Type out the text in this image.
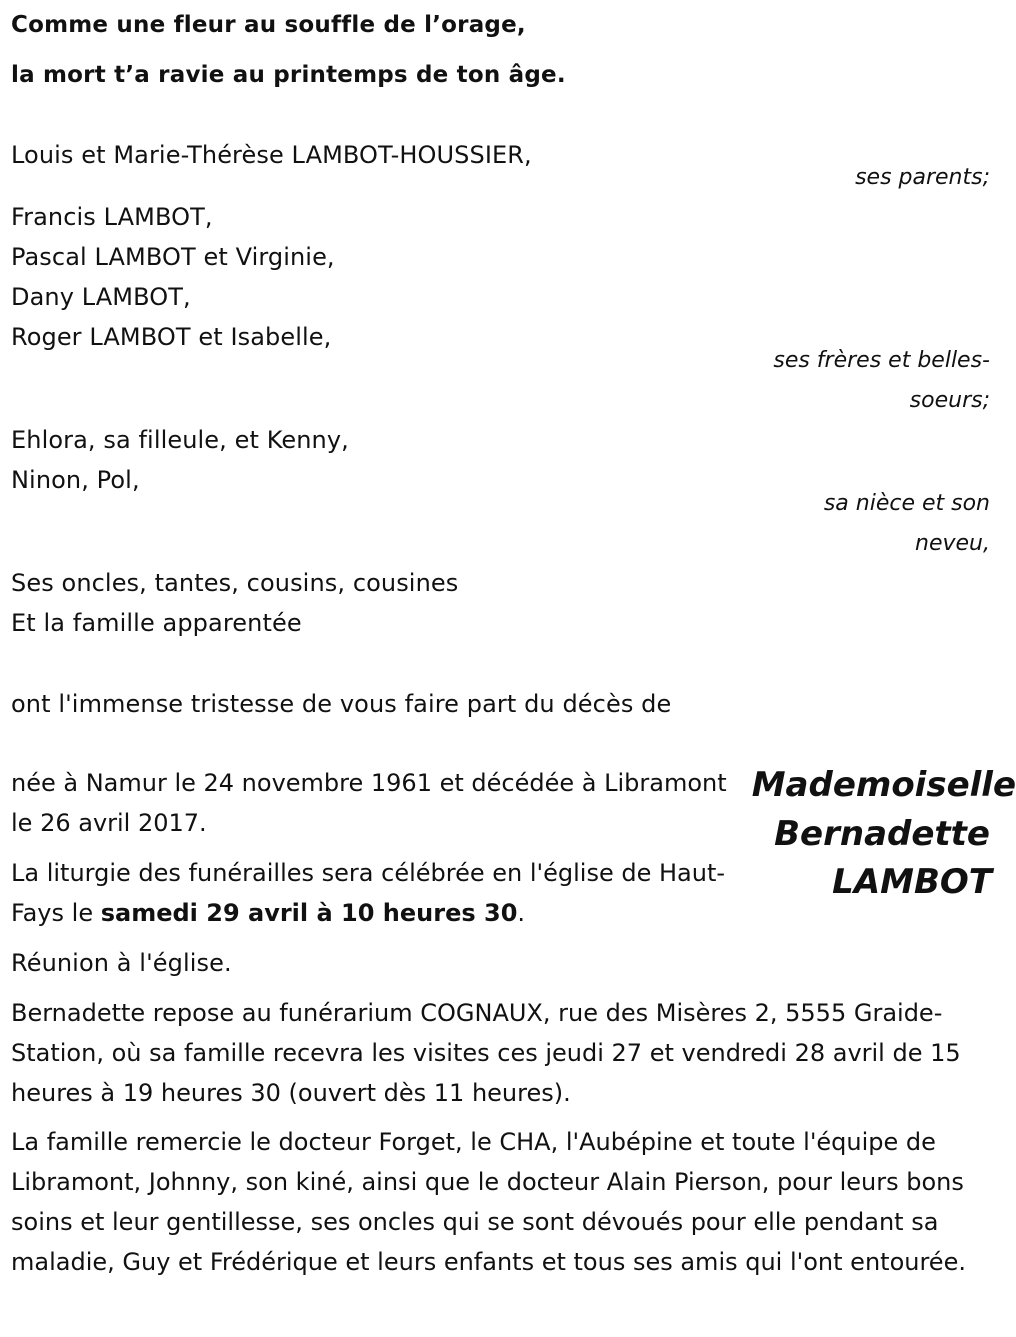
Comme une fleur au souffle de l’orage,
la mort t’a ravie au printemps de ton âge.
Louis et Marie-Thérèse LAMBOT-HOUSSIER,
ses parents;
Francis LAMBOT,
Pascal LAMBOT et Virginie,
Dany LAMBOT,
Roger LAMBOT et Isabelle,
ses frères et belles-
soeurs;
Ehlora, sa filleule, et Kenny,
Ninon, Pol,
sa nièce et son
neveu,
Ses oncles, tantes, cousins, cousines
Et la famille apparentée
ont l'immense tristesse de vous faire part du décès de
Mademoiselle
Bernadette
LAMBOT
née à Namur le 24 novembre 1961 et décédée à Libramont le 26 avril 2017.
La liturgie des funérailles sera célébrée en l'église de Haut-Fays le samedi 29 avril à 10 heures 30.
Réunion à l'église.
Bernadette repose au funérarium COGNAUX, rue des Misères 2, 5555 Graide-Station, où sa famille recevra les visites ces jeudi 27 et vendredi 28 avril de 15 heures à 19 heures 30 (ouvert dès 11 heures).
La famille remercie le docteur Forget, le CHA, l'Aubépine et toute l'équipe de Libramont, Johnny, son kiné, ainsi que le docteur Alain Pierson, pour leurs bons soins et leur gentillesse, ses oncles qui se sont dévoués pour elle pendant sa maladie, Guy et Frédérique et leurs enfants et tous ses amis qui l'ont entourée.
